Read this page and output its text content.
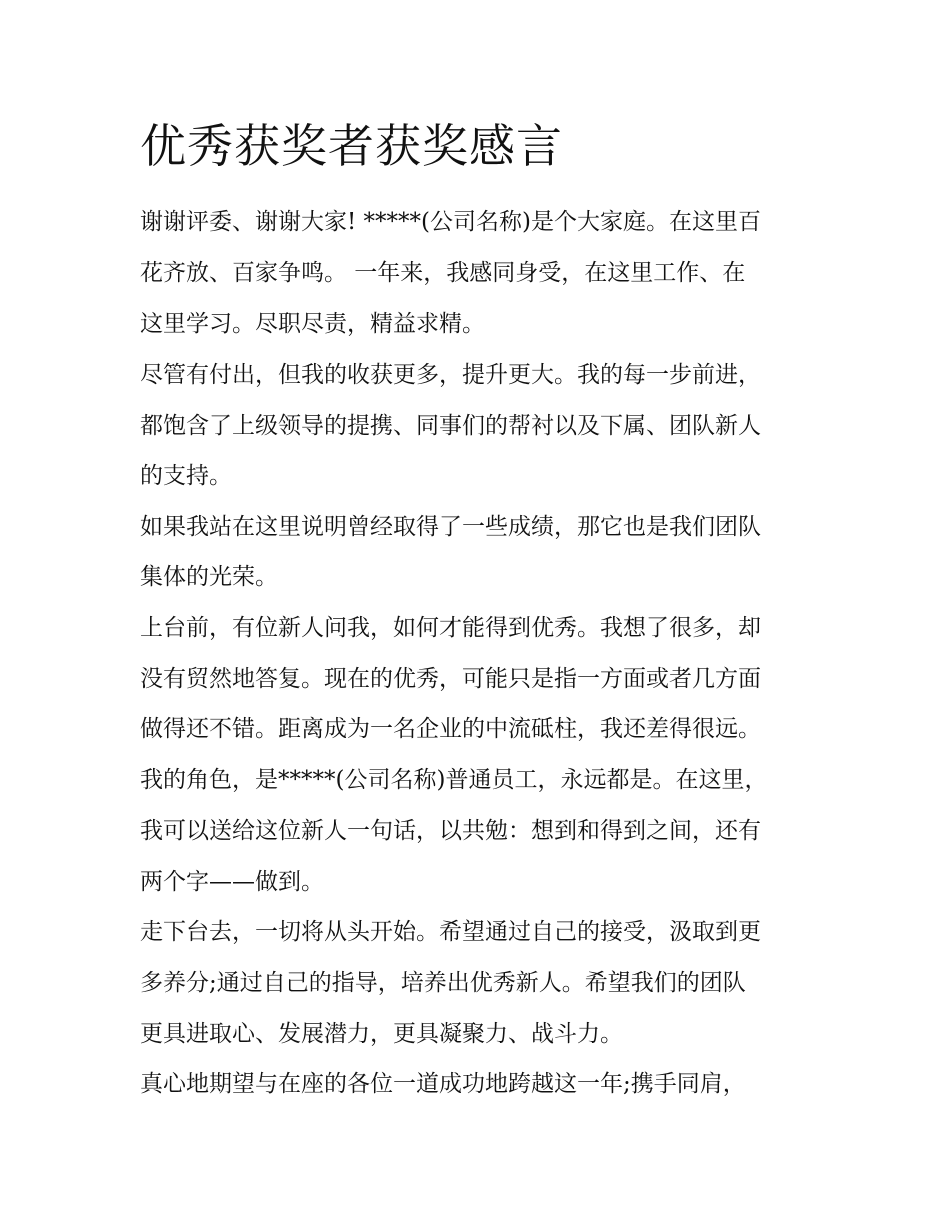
优秀获奖者获奖感言

谢谢评委、谢谢大家! *****(公司名称)是个大家庭。在这里百

花齐放、百家争鸣。 一年来，我感同身受，在这里工作、在

这里学习。尽职尽责，精益求精。

尽管有付出，但我的收获更多，提升更大。我的每一步前进，

都饱含了上级领导的提携、同事们的帮衬以及下属、团队新人

的支持。

如果我站在这里说明曾经取得了一些成绩，那它也是我们团队

集体的光荣。

上台前，有位新人问我，如何才能得到优秀。我想了很多，却

没有贸然地答复。现在的优秀，可能只是指一方面或者几方面

做得还不错。距离成为一名企业的中流砥柱，我还差得很远。

我的角色，是*****(公司名称)普通员工，永远都是。在这里，

我可以送给这位新人一句话，以共勉：想到和得到之间，还有

两个字——做到。

走下台去，一切将从头开始。希望通过自己的接受，汲取到更

多养分;通过自己的指导，培养出优秀新人。希望我们的团队

更具进取心、发展潜力，更具凝聚力、战斗力。

真心地期望与在座的各位一道成功地跨越这一年;携手同肩，
